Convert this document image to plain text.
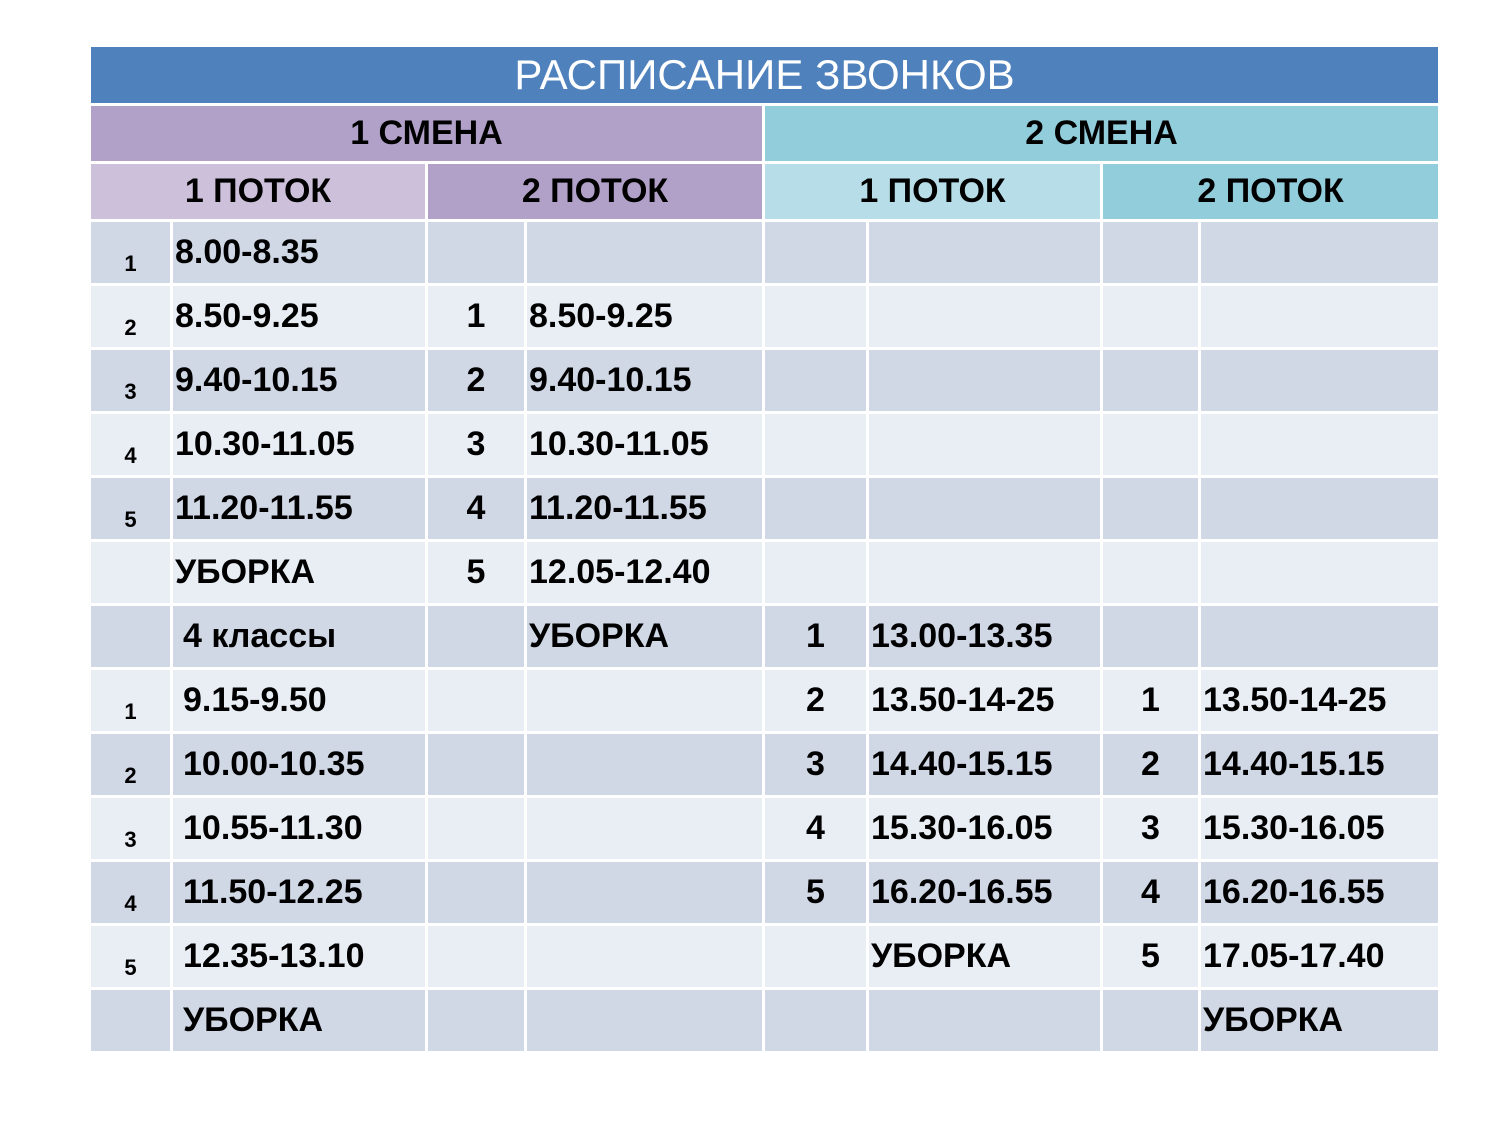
РАСПИСАНИЕ ЗВОНКОВ							
1 СМЕНА				2 СМЕНА			
1 ПОТОК		2 ПОТОК		1 ПОТОК		2 ПОТОК	
1	8.00-8.35						
2	8.50-9.25	1	8.50-9.25				
3	9.40-10.15	2	9.40-10.15				
4	10.30-11.05	3	10.30-11.05				
5	11.20-11.55	4	11.20-11.55				
	УБОРКА	5	12.05-12.40				
	4 классы		УБОРКА	1	13.00-13.35		
1	9.15-9.50			2	13.50-14-25	1	13.50-14-25
2	10.00-10.35			3	14.40-15.15	2	14.40-15.15
3	10.55-11.30			4	15.30-16.05	3	15.30-16.05
4	11.50-12.25			5	16.20-16.55	4	16.20-16.55
5	12.35-13.10				УБОРКА	5	17.05-17.40
	УБОРКА						УБОРКА
